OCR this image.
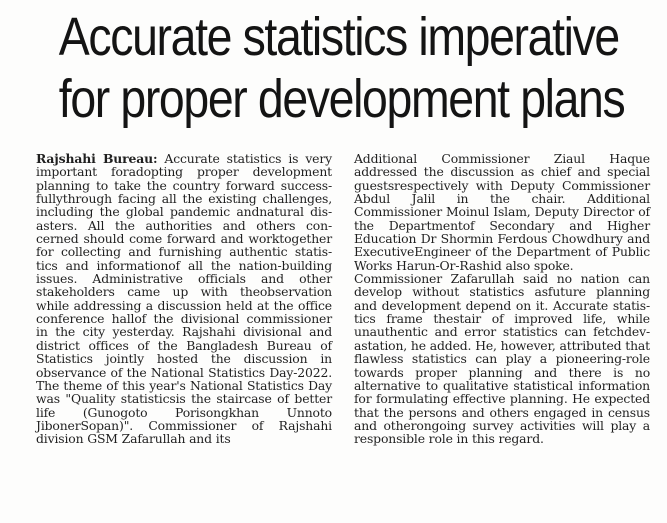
Accurate statistics imperative
for proper development plans

Rajshahi Bureau: Accurate statistics is very important foradopting proper development planning to take the country forward success-fullythrough facing all the existing challenges, including the global pandemic andnatural dis-asters. All the authorities and others con-cerned should come forward and worktogether for collecting and furnishing authentic statis-tics and informationof all the nation-building issues. Administrative officials and other stakeholders came up with theobservation while addressing a discussion held at the office conference hallof the divisional commissioner in the city yesterday. Rajshahi divisional and district offices of the Bangladesh Bureau of Statistics jointly hosted the discussion in observance of the National Statistics Day-2022. The theme of this year's National Statistics Day was "Quality statisticsis the staircase of better life (Gunogoto Porisongkhan Unnoto JibonerSopan)". Commissioner of Rajshahi division GSM Zafarullah and its

Additional Commissioner Ziaul Haque addressed the discussion as chief and special guestsrespectively with Deputy Commissioner Abdul Jalil in the chair. Additional Commissioner Moinul Islam, Deputy Director of the Departmentof Secondary and Higher Education Dr Shormin Ferdous Chowdhury and ExecutiveEngineer of the Department of Public Works Harun-Or-Rashid also spoke.

Commissioner Zafarullah said no nation can develop without statistics asfuture planning and development depend on it. Accurate statis-tics frame thestair of improved life, while unauthentic and error statistics can fetchdev-astation, he added. He, however, attributed that flawless statistics can play a pioneering-role towards proper planning and there is no alternative to qualitative statistical information for formulating effective planning. He expected that the persons and others engaged in census and otherongoing survey activities will play a responsible role in this regard.
